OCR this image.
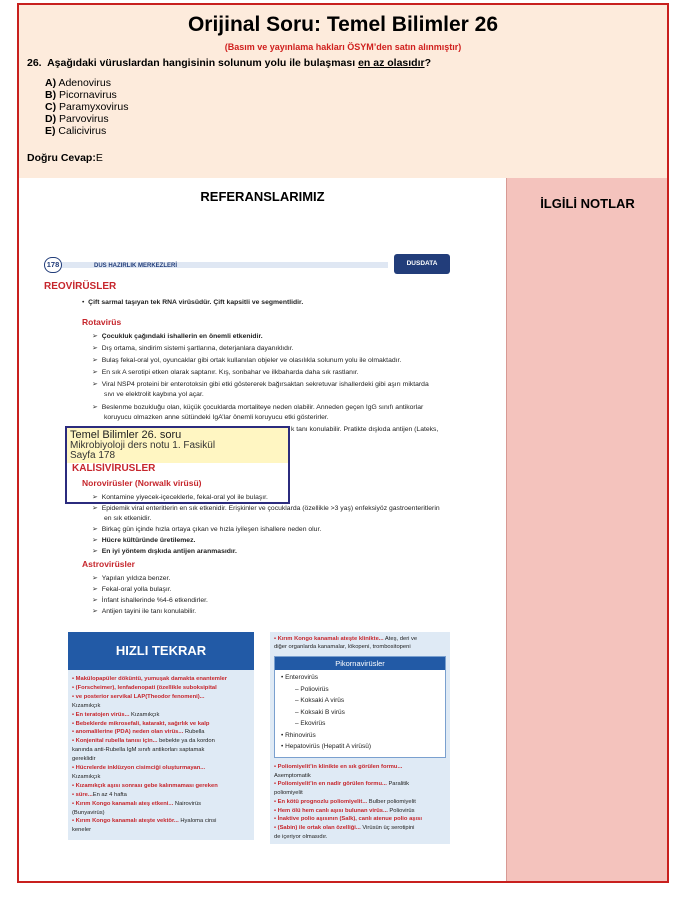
Orijinal Soru: Temel Bilimler 26
(Basım ve yayınlama hakları ÖSYM’den satın alınmıştır)
26. Aşağıdaki vüruslardan hangisinin solunum yolu ile bulaşması en az olasıdır?
A) Adenovirus
B) Picornavirus
C) Paramyxovirus
D) Parvovirus
E) Calicivirus
Doğru Cevap:E
REFERANSLARIMIZ	İLGİLİ NOTLAR
178	DUS HAZIRLIK MERKEZLERİ	DUSDATA
REOVİRÜSLER
•  Çift sarmal taşıyan tek RNA virüsüdür. Çift kapsitli ve segmentlidir.
Rotavirüs
➢ Çocukluk çağındaki ishallerin en önemli etkenidir.
➢ Dış ortama, sindirim sistemi şartlarına, deterjanlara dayanıklıdır.
➢ Bulaş fekal-oral yol, oyuncaklar gibi ortak kullanılan objeler ve olasılıkla solunum yolu ile olmaktadır.
➢ En sık A serotipi etken olarak saptanır. Kış, sonbahar ve ilkbaharda daha sık rastlanır.
➢ Viral NSP4 proteini bir enterotoksin gibi etki göstererek bağırsaktan sekretuvar ishallerdeki gibi aşırı miktarda
sıvı ve elektrolit kaybına yol açar.
➢ Beslenme bozukluğu olan, küçük çocuklarda mortaliteye neden olabilir. Anneden geçen IgG sınıfı antikorlar
koruyucu olmazken anne sütündeki IgA’lar önemli koruyucu etki gösterirler.
k tanı konulabilir. Pratikte dışkıda antijen (Lateks,
KALİSİVİRÜSLER
Norovirüsler (Norwalk virüsü)
➢ Kontamine yiyecek-içeceklerle, fekal-oral yol ile bulaşır.
➢ Epidemik viral enteritlerin en sık etkenidir. Erişkinler ve çocuklarda (özellikle >3 yaş) enfeksiyöz gastroenteritlerin
en sık etkenidir.
➢ Birkaç gün içinde hızla ortaya çıkan ve hızla iyileşen ishallere neden olur.
➢ Hücre kültüründe üretilemez.
➢ En iyi yöntem dışkıda antijen aranmasıdır.
Astrovirüsler
➢ Yapıları yıldıza benzer.
➢ Fekal-oral yolla bulaşır.
➢ İnfant ishallerinde %4-6 etkendirler.
➢ Antijen tayini ile tanı konulabilir.
Temel Bilimler 26. soru
Mikrobiyoloji ders notu 1. Fasikül
Sayfa 178
HIZLI TEKRAR
• Makülopapüler döküntü, yumuşak damakta enantemler
• (Forscheimer), lenfadenopati (özellikle suboksipital
• ve posterior servikal LAP(Theodor fenomeni)...
Kızamıkçık
• En teratojen virüs... Kızamıkçık
• Bebeklerde mikrosefali, katarakt, sağırlık ve kalp
• anomalilerine (PDA) neden olan virüs... Rubella
• Konjenital rubella tanısı için... bebekte ya da kordon
kanında anti-Rubella IgM sınıfı antikorları saptamak
gereklidir
• Hücrelerde inklüzyon cisimciği oluşturmayan...
Kızamıkçık
• Kızamıkçık aşısı sonrası gebe kalınmaması gereken
• süre...En az 4 hafta
• Kırım Kongo kanamalı ateş etkeni... Nairovirüs
(Bunyavirüs)
• Kırım Kongo kanamalı ateşte vektör... Hyaloma cinsi
keneler
• Kırım Kongo kanamalı ateşte klinikte... Ateş, deri ve
diğer organlarda kanamalar, lökopeni, trombositopeni
Pikornavirüsler
• Enterovirüs
– Poliovirüs
– Koksaki A virüs
– Koksaki B virüs
– Ekovirüs
• Rhinovirüs
• Hepatovirüs (Hepatit A virüsü)
• Poliomiyelit’in klinikte en sık görülen formu...
Asemptomatik
• Poliomiyelit’in en nadir görülen formu... Paralitik
poliomiyelit
• En kötü prognozlu poliomiyelit... Bulber poliomiyelit
• Hem ölü hem canlı aşısı bulunan virüs... Poliovirüs
• İnaktive polio aşısının (Salk), canlı atenue polio aşısı
• (Sabin) ile ortak olan özelliği... Virüsün üç serotipini
de içeriyor olmasıdır.
